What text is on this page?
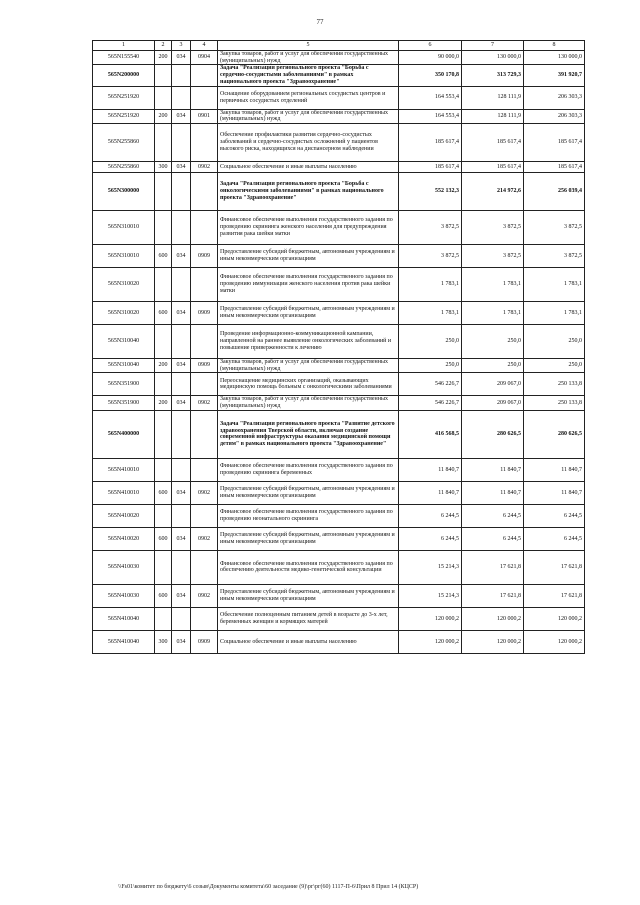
77
1	2	3	4	5	6	7	8
565N155540	200	034	0904	Закупка товаров, работ и услуг для обеспечения государственных (муниципальных) нужд	90 000,0	130 000,0	130 000,0
565N200000				Задача "Реализация регионального проекта "Борьба с сердечно-сосудистыми заболеваниями" в рамках национального проекта "Здравоохранение"	350 170,8	313 729,3	391 920,7
565N251920				Оснащение оборудованием региональных сосудистых центров и первичных сосудистых отделений	164 553,4	128 111,9	206 303,3
565N251920	200	034	0901	Закупка товаров, работ и услуг для обеспечения государственных (муниципальных) нужд	164 553,4	128 111,9	206 303,3
565N255860				Обеспечение профилактики развития сердечно-сосудистых заболеваний и сердечно-сосудистых осложнений у пациентов высокого риска, находящихся на диспансерном наблюдении	185 617,4	185 617,4	185 617,4
565N255860	300	034	0902	Социальное обеспечение и иные выплаты населению	185 617,4	185 617,4	185 617,4
565N300000				Задача "Реализация регионального проекта "Борьба с онкологическими заболеваниями" в рамках национального проекта "Здравоохранение"	552 132,3	214 972,6	256 039,4
565N310010				Финансовое обеспечение выполнения государственного задания по проведению скрининга женского населения для предупреждения развития рака шейки матки	3 872,5	3 872,5	3 872,5
565N310010	600	034	0909	Предоставление субсидий бюджетным, автономным учреждениям и иным некоммерческим организациям	3 872,5	3 872,5	3 872,5
565N310020				Финансовое обеспечение выполнения государственного задания по проведению иммунизации женского населения против рака шейки матки	1 783,1	1 783,1	1 783,1
565N310020	600	034	0909	Предоставление субсидий бюджетным, автономным учреждениям и иным некоммерческим организациям	1 783,1	1 783,1	1 783,1
565N310040				Проведение информационно-коммуникационной кампании, направленной на раннее выявление онкологических заболеваний и повышение приверженности к лечению	250,0	250,0	250,0
565N310040	200	034	0909	Закупка товаров, работ и услуг для обеспечения государственных (муниципальных) нужд	250,0	250,0	250,0
565N351900				Переоснащение медицинских организаций, оказывающих медицинскую помощь больным с онкологическими заболеваниями	546 226,7	209 067,0	250 133,8
565N351900	200	034	0902	Закупка товаров, работ и услуг для обеспечения государственных (муниципальных) нужд	546 226,7	209 067,0	250 133,8
565N400000				Задача "Реализация регионального проекта "Развитие детского здравоохранения Тверской области, включая создание современной инфраструктуры оказания медицинской помощи детям" в рамках национального проекта "Здравоохранение"	416 568,5	280 626,5	280 626,5
565N410010				Финансовое обеспечение выполнения государственного задания по проведению скрининга беременных	11 840,7	11 840,7	11 840,7
565N410010	600	034	0902	Предоставление субсидий бюджетным, автономным учреждениям и иным некоммерческим организациям	11 840,7	11 840,7	11 840,7
565N410020				Финансовое обеспечение выполнения государственного задания по проведению неонатального скрининга	6 244,5	6 244,5	6 244,5
565N410020	600	034	0902	Предоставление субсидий бюджетным, автономным учреждениям и иным некоммерческим организациям	6 244,5	6 244,5	6 244,5
565N410030				Финансовое обеспечение выполнения государственного задания по обеспечению деятельности медико-генетической консультации	15 214,3	17 621,8	17 621,8
565N410030	600	034	0902	Предоставление субсидий бюджетным, автономным учреждениям и иным некоммерческим организациям	15 214,3	17 621,8	17 621,8
565N410040				Обеспечение полноценным питанием детей в возрасте до 3-х лет, беременных женщин и кормящих матерей	120 000,2	120 000,2	120 000,2
565N410040	300	034	0909	Социальное обеспечение и иные выплаты населению	120 000,2	120 000,2	120 000,2
\\Fs01\комитет по бюджету\6 созыв\Документы комитета\60 заседание (9)\рг\рг(60) 1117-П-6\Прил 8 Прил 14 (КЦСР)
